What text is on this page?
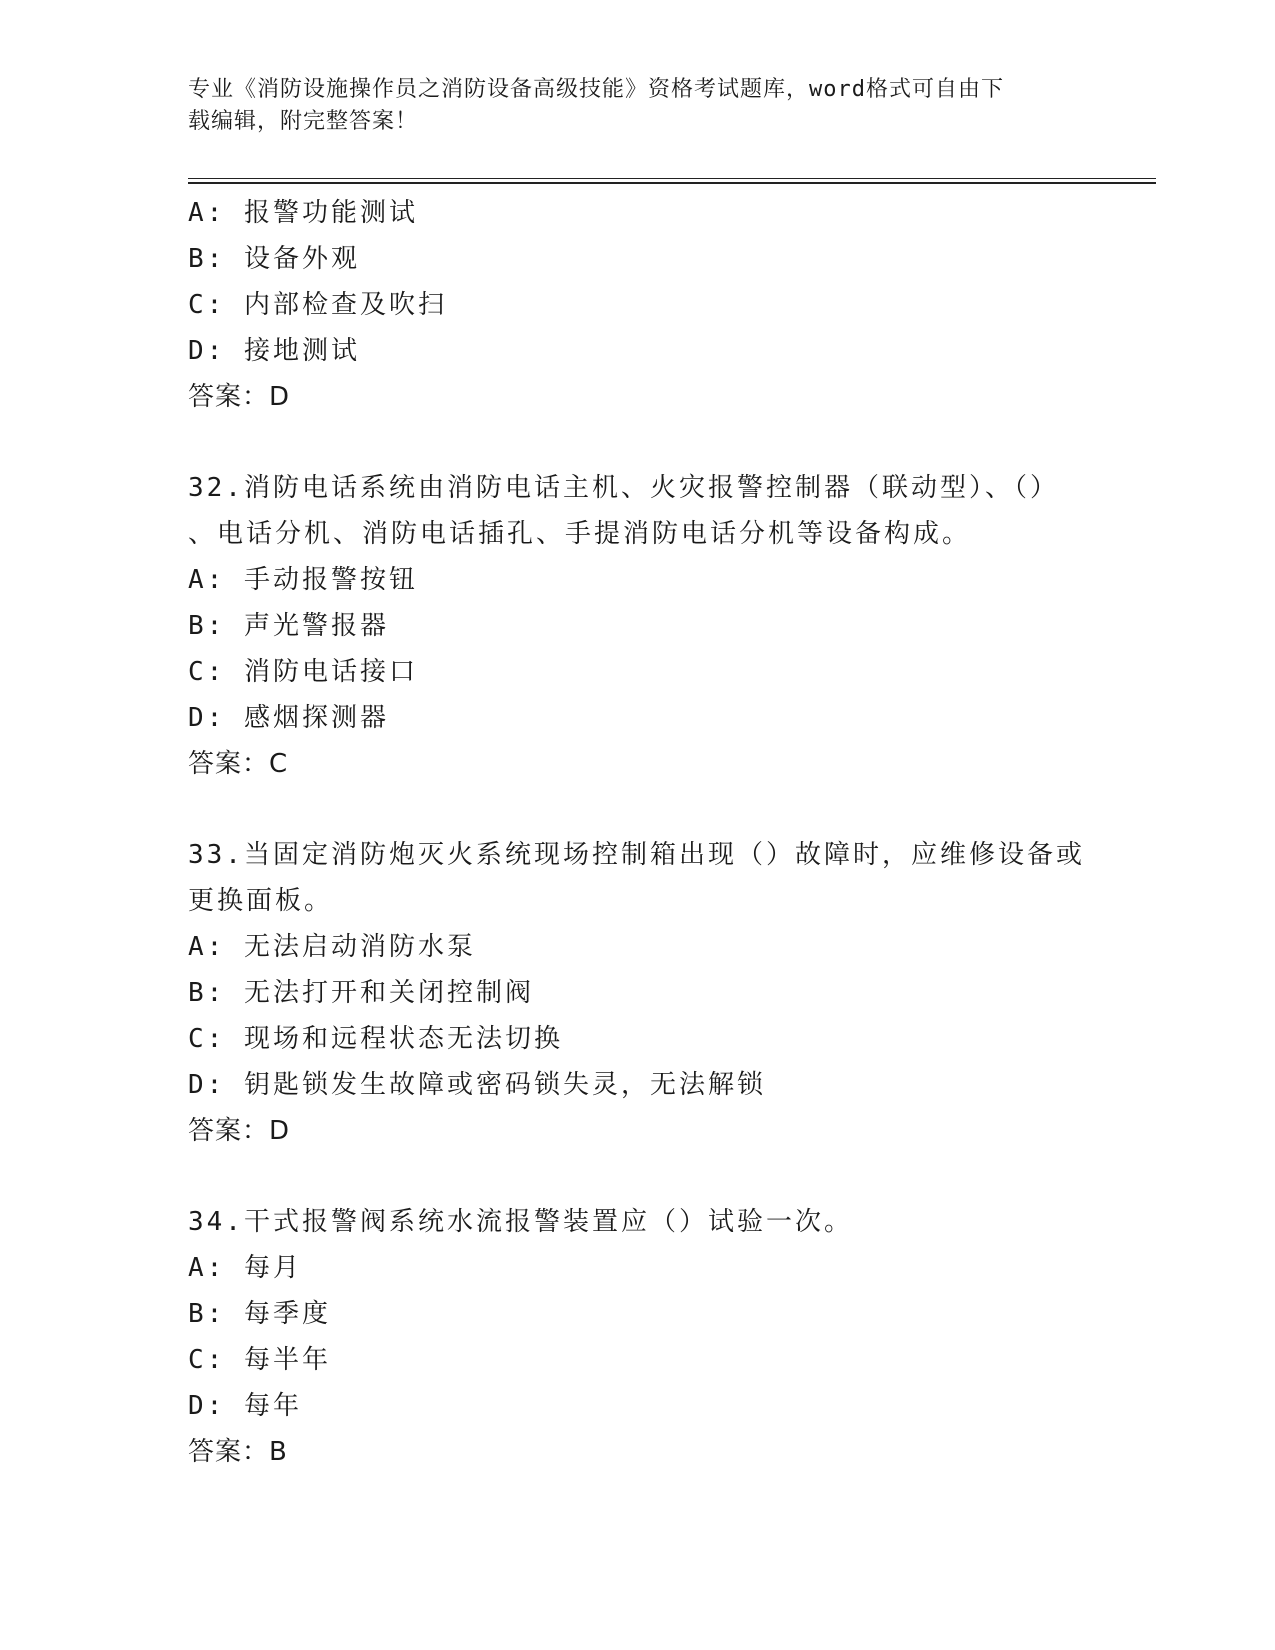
专业《消防设施操作员之消防设备高级技能》资格考试题库，word格式可自由下
载编辑，附完整答案！
A: 报警功能测试
B: 设备外观
C: 内部检查及吹扫
D: 接地测试
答案：D
32.消防电话系统由消防电话主机、火灾报警控制器（联动型）、（）
、电话分机、消防电话插孔、手提消防电话分机等设备构成。
A: 手动报警按钮
B: 声光警报器
C: 消防电话接口
D: 感烟探测器
答案：C
33.当固定消防炮灭火系统现场控制箱出现（）故障时，应维修设备或
更换面板。
A: 无法启动消防水泵
B: 无法打开和关闭控制阀
C: 现场和远程状态无法切换
D: 钥匙锁发生故障或密码锁失灵，无法解锁
答案：D
34.干式报警阀系统水流报警装置应（）试验一次。
A: 每月
B: 每季度
C: 每半年
D: 每年
答案：B
